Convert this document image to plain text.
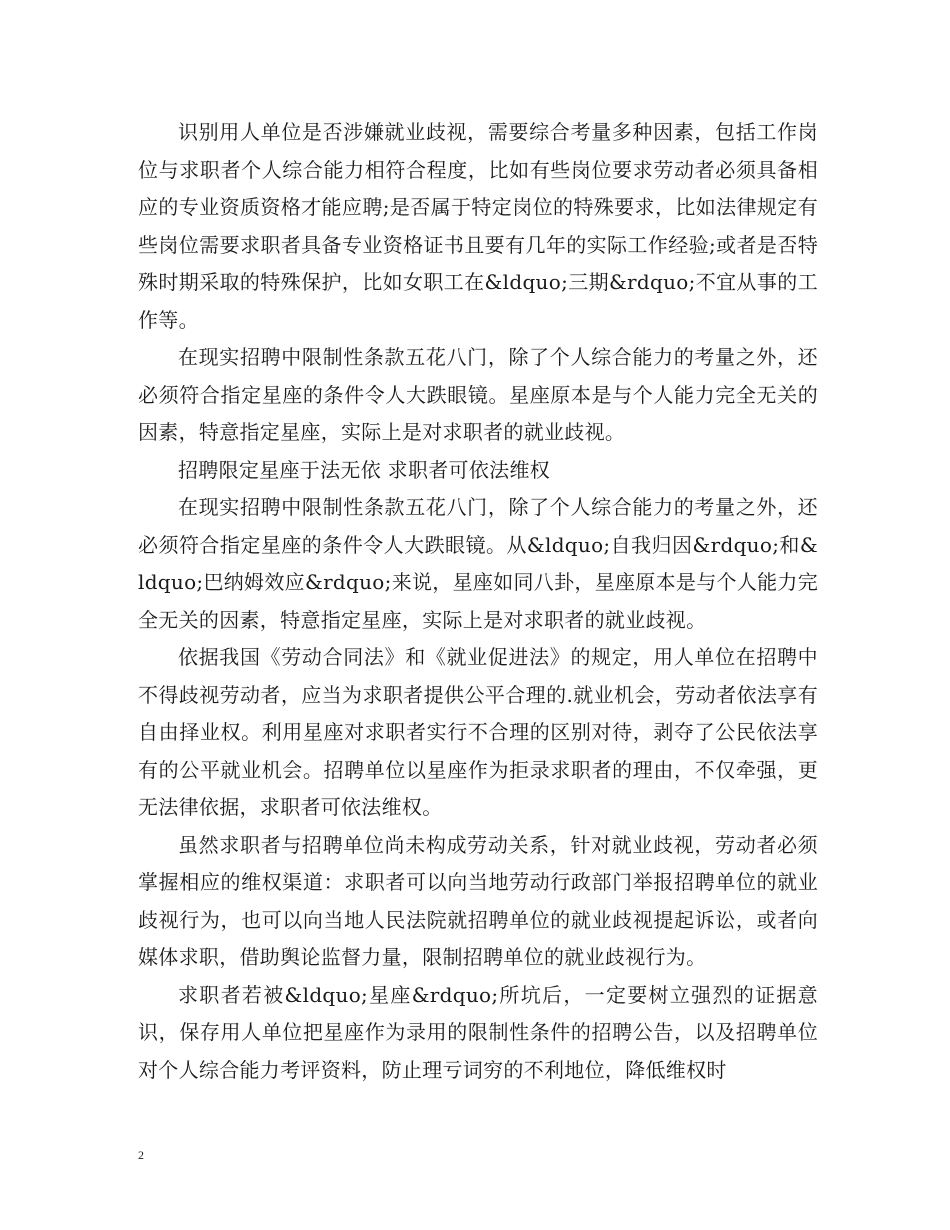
识别用人单位是否涉嫌就业歧视，需要综合考量多种因素，包括工作岗位与求职者个人综合能力相符合程度，比如有些岗位要求劳动者必须具备相应的专业资质资格才能应聘;是否属于特定岗位的特殊要求，比如法律规定有些岗位需要求职者具备专业资格证书且要有几年的实际工作经验;或者是否特殊时期采取的特殊保护，比如女职工在&ldquo;三期&rdquo;不宜从事的工作等。

在现实招聘中限制性条款五花八门，除了个人综合能力的考量之外，还必须符合指定星座的条件令人大跌眼镜。星座原本是与个人能力完全无关的因素，特意指定星座，实际上是对求职者的就业歧视。

招聘限定星座于法无依 求职者可依法维权

在现实招聘中限制性条款五花八门，除了个人综合能力的考量之外，还必须符合指定星座的条件令人大跌眼镜。从&ldquo;自我归因&rdquo;和&ldquo;巴纳姆效应&rdquo;来说，星座如同八卦，星座原本是与个人能力完全无关的因素，特意指定星座，实际上是对求职者的就业歧视。

依据我国《劳动合同法》和《就业促进法》的规定，用人单位在招聘中不得歧视劳动者，应当为求职者提供公平合理的.就业机会，劳动者依法享有自由择业权。利用星座对求职者实行不合理的区别对待，剥夺了公民依法享有的公平就业机会。招聘单位以星座作为拒录求职者的理由，不仅牵强，更无法律依据，求职者可依法维权。

虽然求职者与招聘单位尚未构成劳动关系，针对就业歧视，劳动者必须掌握相应的维权渠道：求职者可以向当地劳动行政部门举报招聘单位的就业歧视行为，也可以向当地人民法院就招聘单位的就业歧视提起诉讼，或者向媒体求职，借助舆论监督力量，限制招聘单位的就业歧视行为。

求职者若被&ldquo;星座&rdquo;所坑后，一定要树立强烈的证据意识，保存用人单位把星座作为录用的限制性条件的招聘公告，以及招聘单位对个人综合能力考评资料，防止理亏词穷的不利地位，降低维权时

2
